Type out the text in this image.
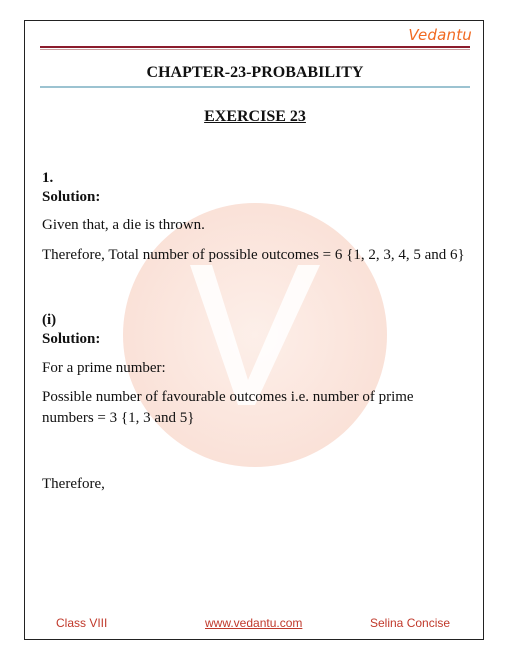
Vedantu
CHAPTER-23-PROBABILITY
EXERCISE 23
1.
Solution:
Given that, a die is thrown.
Therefore, Total number of possible outcomes = 6 {1, 2, 3, 4, 5 and 6}
(i)
Solution:
For a prime number:
Possible number of favourable outcomes i.e. number of prime
numbers = 3 {1, 3 and 5}
Therefore,
Class VIII	www.vedantu.com	Selina Concise
